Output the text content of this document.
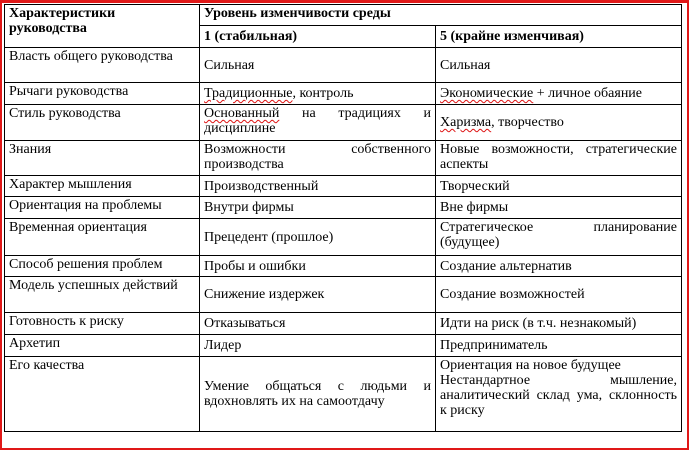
Характеристики руководства	Уровень изменчивости среды	
	1 (стабильная)	5 (крайне изменчивая)
Власть общего руководства	Сильная	Сильная
Рычаги руководства	Традиционные, контроль	Экономические + личное обаяние
Стиль руководства	Основанный на традициях и дисциплине	Харизма, творчество
Знания	Возможности собственного производства	Новые возможности, стратегические аспекты
Характер мышления	Производственный	Творческий
Ориентация на проблемы	Внутри фирмы	Вне фирмы
Временная ориентация	Прецедент (прошлое)	Стратегическое планирование (будущее)
Способ решения проблем	Пробы и ошибки	Создание альтернатив
Модель успешных действий	Снижение издержек	Создание возможностей
Готовность к риску	Отказываться	Идти на риск (в т.ч. незнакомый)
Архетип	Лидер	Предприниматель
Его качества	Умение общаться с людьми и вдохновлять их на самоотдачу	Ориентация на новое будущее
Нестандартное мышление, аналитический склад ума, склонность к риску
